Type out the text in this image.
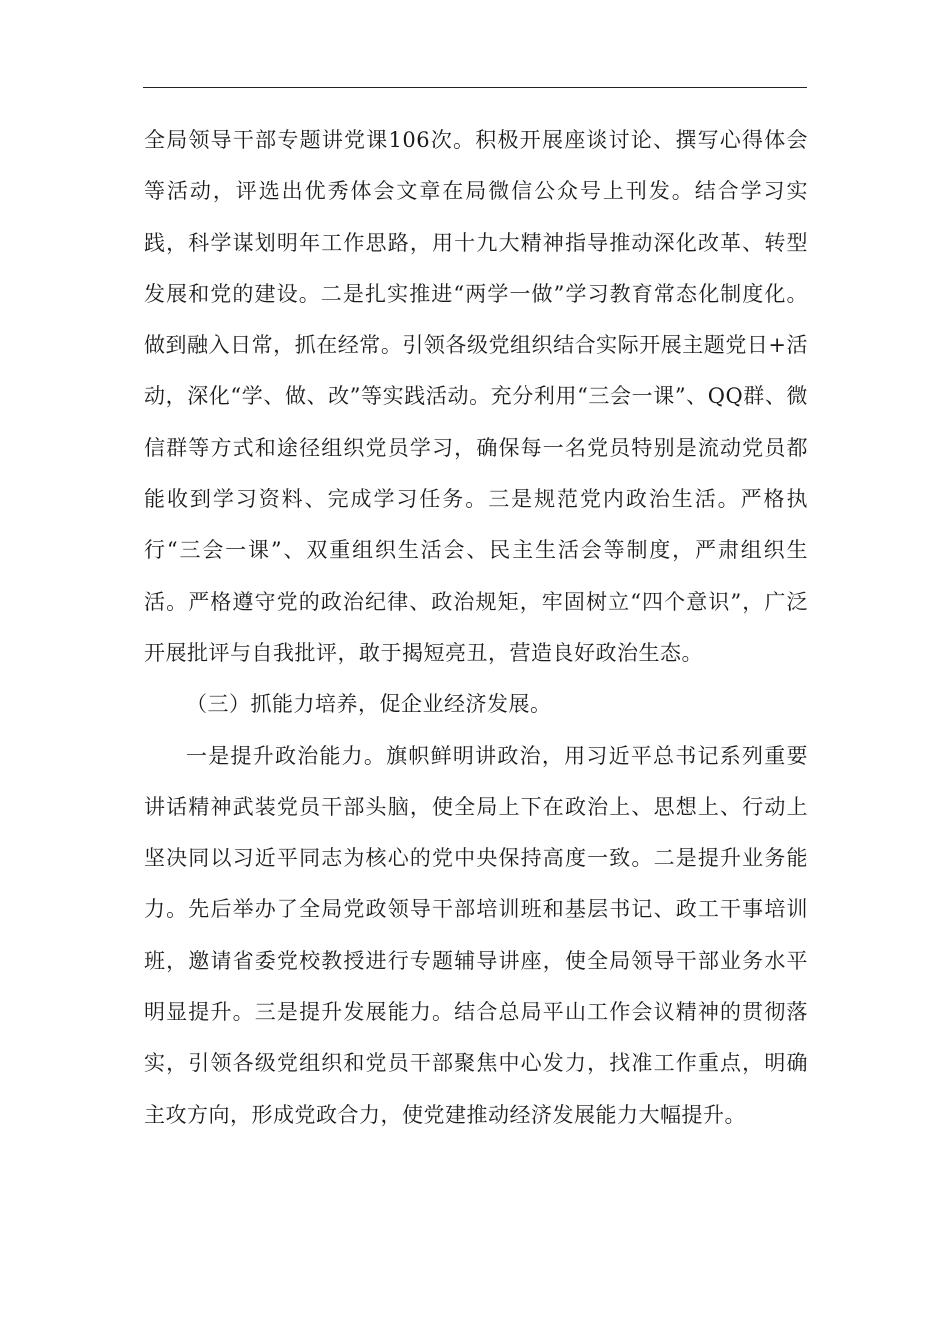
全局领导干部专题讲党课106次。积极开展座谈讨论、撰写心得体会等活动，评选出优秀体会文章在局微信公众号上刊发。结合学习实践，科学谋划明年工作思路，用十九大精神指导推动深化改革、转型发展和党的建设。二是扎实推进“两学一做”学习教育常态化制度化。做到融入日常，抓在经常。引领各级党组织结合实际开展主题党日+活动，深化“学、做、改”等实践活动。充分利用“三会一课”、QQ群、微信群等方式和途径组织党员学习，确保每一名党员特别是流动党员都能收到学习资料、完成学习任务。三是规范党内政治生活。严格执行“三会一课”、双重组织生活会、民主生活会等制度，严肃组织生活。严格遵守党的政治纪律、政治规矩，牢固树立“四个意识”，广泛开展批评与自我批评，敢于揭短亮丑，营造良好政治生态。

（三）抓能力培养，促企业经济发展。

一是提升政治能力。旗帜鲜明讲政治，用习近平总书记系列重要讲话精神武装党员干部头脑，使全局上下在政治上、思想上、行动上坚决同以习近平同志为核心的党中央保持高度一致。二是提升业务能力。先后举办了全局党政领导干部培训班和基层书记、政工干事培训班，邀请省委党校教授进行专题辅导讲座，使全局领导干部业务水平明显提升。三是提升发展能力。结合总局平山工作会议精神的贯彻落实，引领各级党组织和党员干部聚焦中心发力，找准工作重点，明确主攻方向，形成党政合力，使党建推动经济发展能力大幅提升。
